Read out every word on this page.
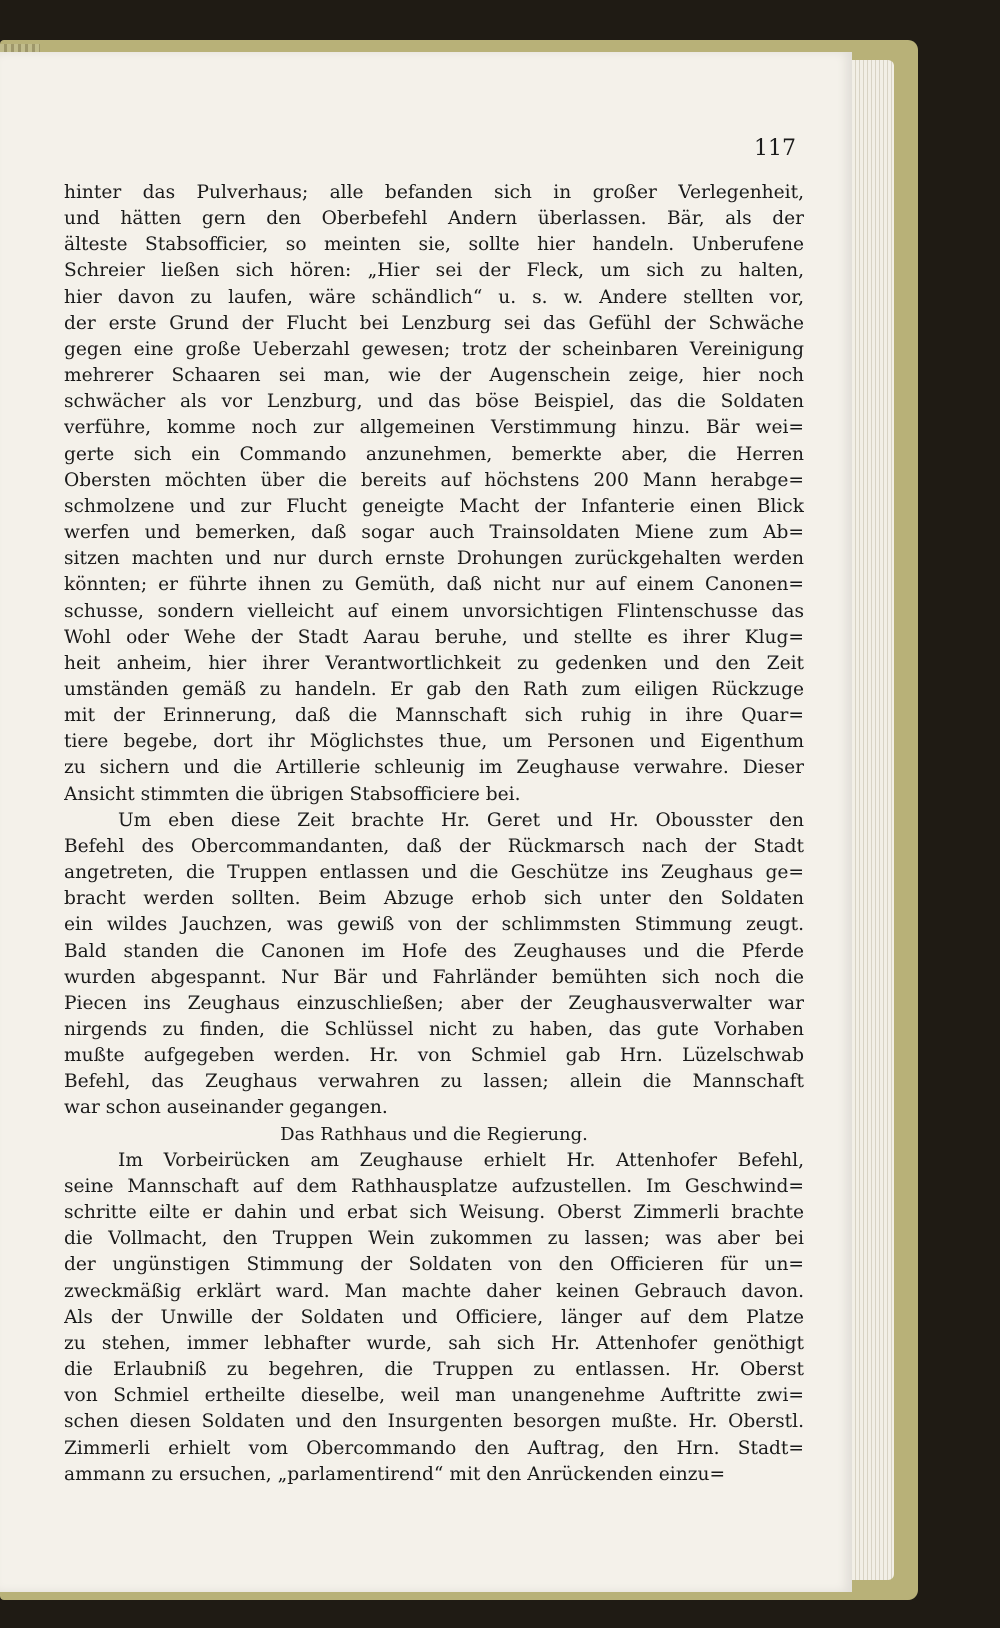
117
hinter das Pulverhaus; alle befanden sich in großer Verlegenheit,
und hätten gern den Oberbefehl Andern überlassen. Bär, als der
älteste Stabsofficier, so meinten sie, sollte hier handeln. Unberufene
Schreier ließen sich hören: „Hier sei der Fleck, um sich zu halten,
hier davon zu laufen, wäre schändlich“ u. s. w. Andere stellten vor,
der erste Grund der Flucht bei Lenzburg sei das Gefühl der Schwäche
gegen eine große Ueberzahl gewesen; trotz der scheinbaren Vereinigung
mehrerer Schaaren sei man, wie der Augenschein zeige, hier noch
schwächer als vor Lenzburg, und das böse Beispiel, das die Soldaten
verführe, komme noch zur allgemeinen Verstimmung hinzu. Bär wei=
gerte sich ein Commando anzunehmen, bemerkte aber, die Herren
Obersten möchten über die bereits auf höchstens 200 Mann herabge=
schmolzene und zur Flucht geneigte Macht der Infanterie einen Blick
werfen und bemerken, daß sogar auch Trainsoldaten Miene zum Ab=
sitzen machten und nur durch ernste Drohungen zurückgehalten werden
könnten; er führte ihnen zu Gemüth, daß nicht nur auf einem Canonen=
schusse, sondern vielleicht auf einem unvorsichtigen Flintenschusse das
Wohl oder Wehe der Stadt Aarau beruhe, und stellte es ihrer Klug=
heit anheim, hier ihrer Verantwortlichkeit zu gedenken und den Zeit
umständen gemäß zu handeln. Er gab den Rath zum eiligen Rückzuge
mit der Erinnerung, daß die Mannschaft sich ruhig in ihre Quar=
tiere begebe, dort ihr Möglichstes thue, um Personen und Eigenthum
zu sichern und die Artillerie schleunig im Zeughause verwahre. Dieser
Ansicht stimmten die übrigen Stabsofficiere bei.
Um eben diese Zeit brachte Hr. Geret und Hr. Obousster den
Befehl des Obercommandanten, daß der Rückmarsch nach der Stadt
angetreten, die Truppen entlassen und die Geschütze ins Zeughaus ge=
bracht werden sollten. Beim Abzuge erhob sich unter den Soldaten
ein wildes Jauchzen, was gewiß von der schlimmsten Stimmung zeugt.
Bald standen die Canonen im Hofe des Zeughauses und die Pferde
wurden abgespannt. Nur Bär und Fahrländer bemühten sich noch die
Piecen ins Zeughaus einzuschließen; aber der Zeughausverwalter war
nirgends zu finden, die Schlüssel nicht zu haben, das gute Vorhaben
mußte aufgegeben werden. Hr. von Schmiel gab Hrn. Lüzelschwab
Befehl, das Zeughaus verwahren zu lassen; allein die Mannschaft
war schon auseinander gegangen.
Das Rathhaus und die Regierung.
Im Vorbeirücken am Zeughause erhielt Hr. Attenhofer Befehl,
seine Mannschaft auf dem Rathhausplatze aufzustellen. Im Geschwind=
schritte eilte er dahin und erbat sich Weisung. Oberst Zimmerli brachte
die Vollmacht, den Truppen Wein zukommen zu lassen; was aber bei
der ungünstigen Stimmung der Soldaten von den Officieren für un=
zweckmäßig erklärt ward. Man machte daher keinen Gebrauch davon.
Als der Unwille der Soldaten und Officiere, länger auf dem Platze
zu stehen, immer lebhafter wurde, sah sich Hr. Attenhofer genöthigt
die Erlaubniß zu begehren, die Truppen zu entlassen. Hr. Oberst
von Schmiel ertheilte dieselbe, weil man unangenehme Auftritte zwi=
schen diesen Soldaten und den Insurgenten besorgen mußte. Hr. Oberstl.
Zimmerli erhielt vom Obercommando den Auftrag, den Hrn. Stadt=
ammann zu ersuchen, „parlamentirend“ mit den Anrückenden einzu=
